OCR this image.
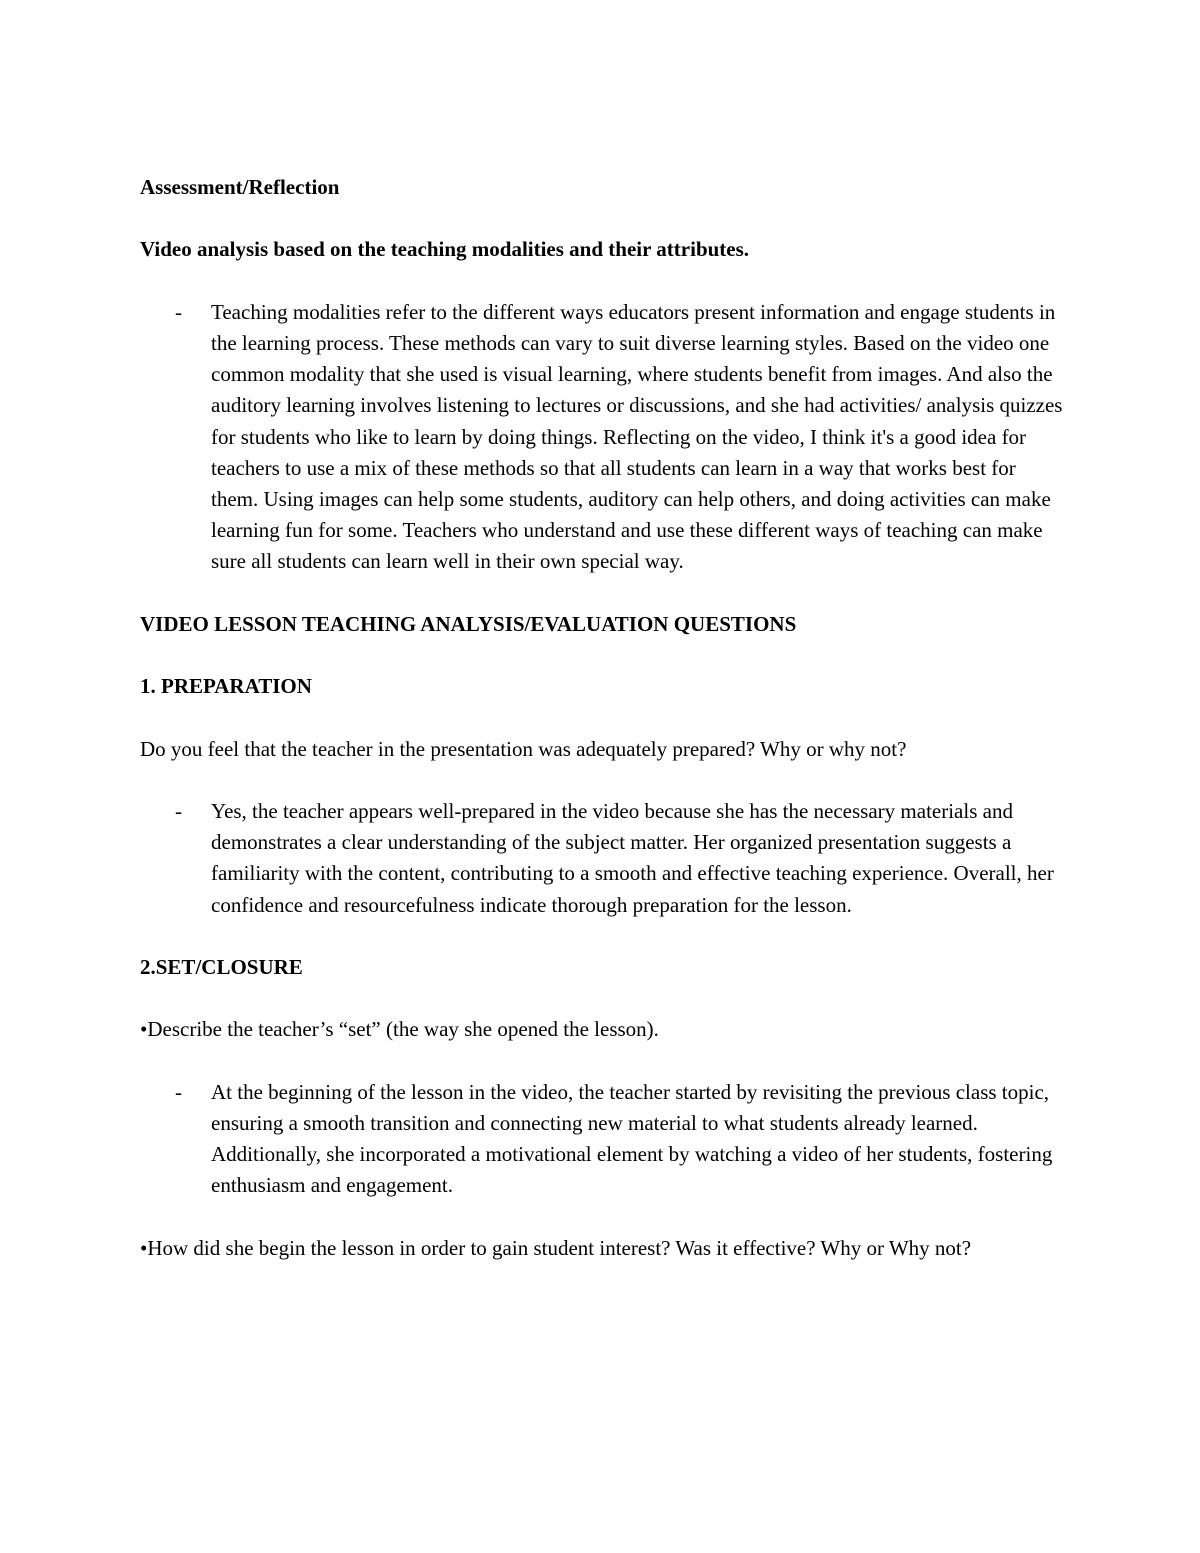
Assessment/Reflection

Video analysis based on the teaching modalities and their attributes.

- Teaching modalities refer to the different ways educators present information and engage students in the learning process. These methods can vary to suit diverse learning styles. Based on the video one common modality that she used is visual learning, where students benefit from images. And also the auditory learning involves listening to lectures or discussions, and she had activities/ analysis quizzes for students who like to learn by doing things. Reflecting on the video, I think it's a good idea for teachers to use a mix of these methods so that all students can learn in a way that works best for them. Using images can help some students, auditory can help others, and doing activities can make learning fun for some. Teachers who understand and use these different ways of teaching can make sure all students can learn well in their own special way.

VIDEO LESSON TEACHING ANALYSIS/EVALUATION QUESTIONS

1. PREPARATION

Do you feel that the teacher in the presentation was adequately prepared? Why or why not?

- Yes, the teacher appears well-prepared in the video because she has the necessary materials and demonstrates a clear understanding of the subject matter. Her organized presentation suggests a familiarity with the content, contributing to a smooth and effective teaching experience. Overall, her confidence and resourcefulness indicate thorough preparation for the lesson.

2.SET/CLOSURE

•Describe the teacher’s “set” (the way she opened the lesson).

- At the beginning of the lesson in the video, the teacher started by revisiting the previous class topic, ensuring a smooth transition and connecting new material to what students already learned. Additionally, she incorporated a motivational element by watching a video of her students, fostering enthusiasm and engagement.

•How did she begin the lesson in order to gain student interest? Was it effective? Why or Why not?
